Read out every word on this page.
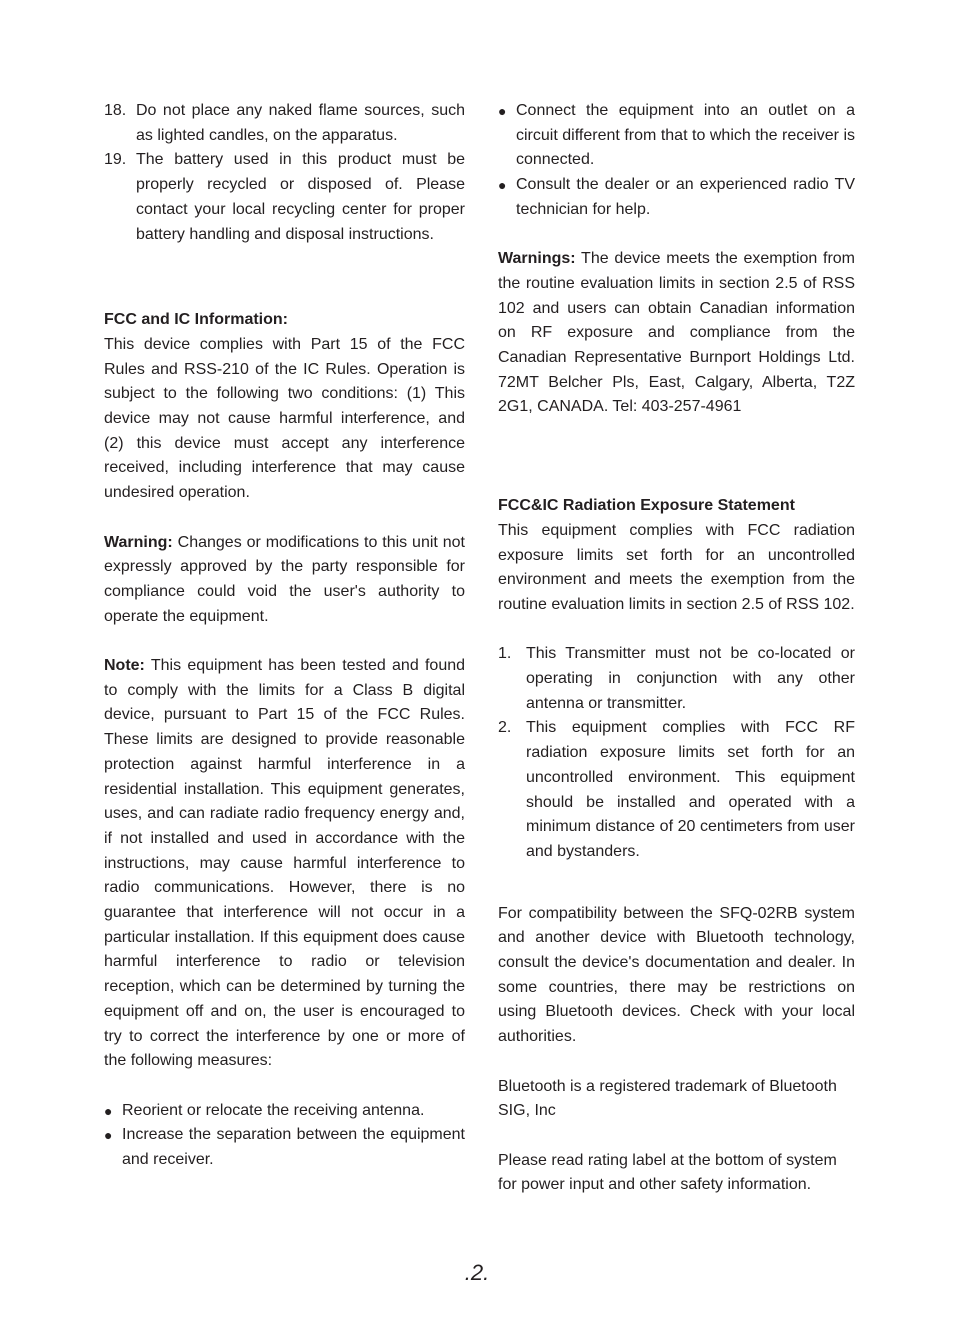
18. Do not place any naked flame sources, such as lighted candles, on the apparatus.
19. The battery used in this product must be properly recycled or disposed of. Please contact your local recycling center for proper battery handling and disposal instructions.

FCC and IC Information:

This device complies with Part 15 of the FCC Rules and RSS-210 of the IC Rules. Operation is subject to the following two conditions: (1) This device may not cause harmful interference, and (2) this device must accept any interference received, including interference that may cause undesired operation.

Warning: Changes or modifications to this unit not expressly approved by the party responsible for compliance could void the user's authority to operate the equipment.

Note: This equipment has been tested and found to comply with the limits for a Class B digital device, pursuant to Part 15 of the FCC Rules. These limits are designed to provide reasonable protection against harmful interference in a residential installation. This equipment generates, uses, and can radiate radio frequency energy and, if not installed and used in accordance with the instructions, may cause harmful interference to radio communications. However, there is no guarantee that interference will not occur in a particular installation. If this equipment does cause harmful interference to radio or television reception, which can be determined by turning the equipment off and on, the user is encouraged to try to correct the interference by one or more of the following measures:

● Reorient or relocate the receiving antenna.
● Increase the separation between the equipment and receiver.
● Connect the equipment into an outlet on a circuit different from that to which the receiver is connected.
● Consult the dealer or an experienced radio TV technician for help.

Warnings: The device meets the exemption from the routine evaluation limits in section 2.5 of RSS 102 and users can obtain Canadian information on RF exposure and compliance from the Canadian Representative Burnport Holdings Ltd. 72MT Belcher Pls, East, Calgary, Alberta, T2Z 2G1, CANADA. Tel: 403-257-4961

FCC&IC Radiation Exposure Statement

This equipment complies with FCC radiation exposure limits set forth for an uncontrolled environment and meets the exemption from the routine evaluation limits in section 2.5 of RSS 102.

1. This Transmitter must not be co-located or operating in conjunction with any other antenna or transmitter.
2. This equipment complies with FCC RF radiation exposure limits set forth for an uncontrolled environment. This equipment should be installed and operated with a minimum distance of 20 centimeters from user and bystanders.

For compatibility between the SFQ-02RB system and another device with Bluetooth technology, consult the device's documentation and dealer. In some countries, there may be restrictions on using Bluetooth devices. Check with your local authorities.

Bluetooth is a registered trademark of Bluetooth SIG, Inc

Please read rating label at the bottom of system for power input and other safety information.

.2.
